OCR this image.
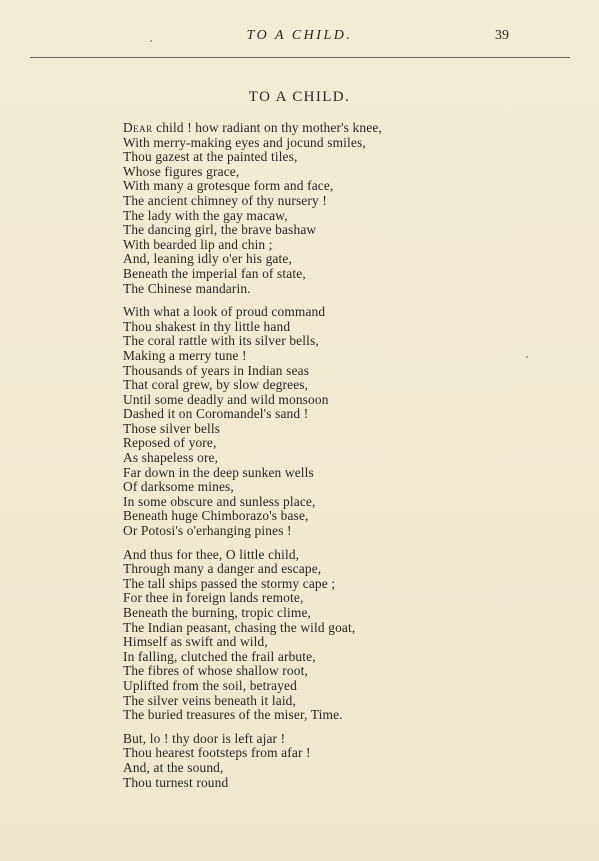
TO A CHILD.	39
TO A CHILD.
Dear child ! how radiant on thy mother's knee,
With merry-making eyes and jocund smiles,
Thou gazest at the painted tiles,
Whose figures grace,
With many a grotesque form and face,
The ancient chimney of thy nursery !
The lady with the gay macaw,
The dancing girl, the brave bashaw
With bearded lip and chin ;
And, leaning idly o'er his gate,
Beneath the imperial fan of state,
The Chinese mandarin.
With what a look of proud command
Thou shakest in thy little hand
The coral rattle with its silver bells,
Making a merry tune !
Thousands of years in Indian seas
That coral grew, by slow degrees,
Until some deadly and wild monsoon
Dashed it on Coromandel's sand !
Those silver bells
Reposed of yore,
As shapeless ore,
Far down in the deep sunken wells
Of darksome mines,
In some obscure and sunless place,
Beneath huge Chimborazo's base,
Or Potosi's o'erhanging pines !
And thus for thee, O little child,
Through many a danger and escape,
The tall ships passed the stormy cape ;
For thee in foreign lands remote,
Beneath the burning, tropic clime,
The Indian peasant, chasing the wild goat,
Himself as swift and wild,
In falling, clutched the frail arbute,
The fibres of whose shallow root,
Uplifted from the soil, betrayed
The silver veins beneath it laid,
The buried treasures of the miser, Time.
But, lo ! thy door is left ajar !
Thou hearest footsteps from afar !
And, at the sound,
Thou turnest round
